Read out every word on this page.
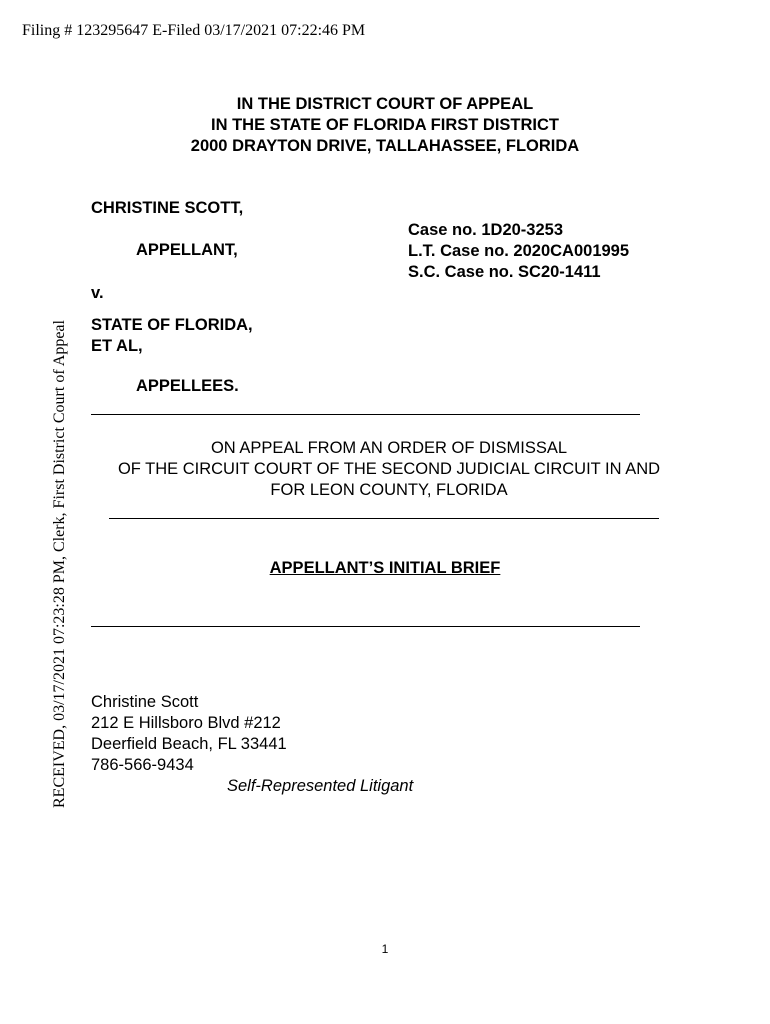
Filing # 123295647 E-Filed 03/17/2021 07:22:46 PM
RECEIVED, 03/17/2021 07:23:28 PM, Clerk, First District Court of Appeal
IN THE DISTRICT COURT OF APPEAL
IN THE STATE OF FLORIDA FIRST DISTRICT
2000 DRAYTON DRIVE, TALLAHASSEE, FLORIDA
CHRISTINE SCOTT,
APPELLANT,
v.
STATE OF FLORIDA,
ET AL,
APPELLEES.
Case no. 1D20-3253
L.T. Case no. 2020CA001995
S.C. Case no. SC20-1411
ON APPEAL FROM AN ORDER OF DISMISSAL
OF THE CIRCUIT COURT OF THE SECOND JUDICIAL CIRCUIT IN AND
FOR LEON COUNTY, FLORIDA
APPELLANT’S INITIAL BRIEF
Christine Scott
212 E Hillsboro Blvd #212
Deerfield Beach, FL 33441
786-566-9434
Self-Represented Litigant
1
